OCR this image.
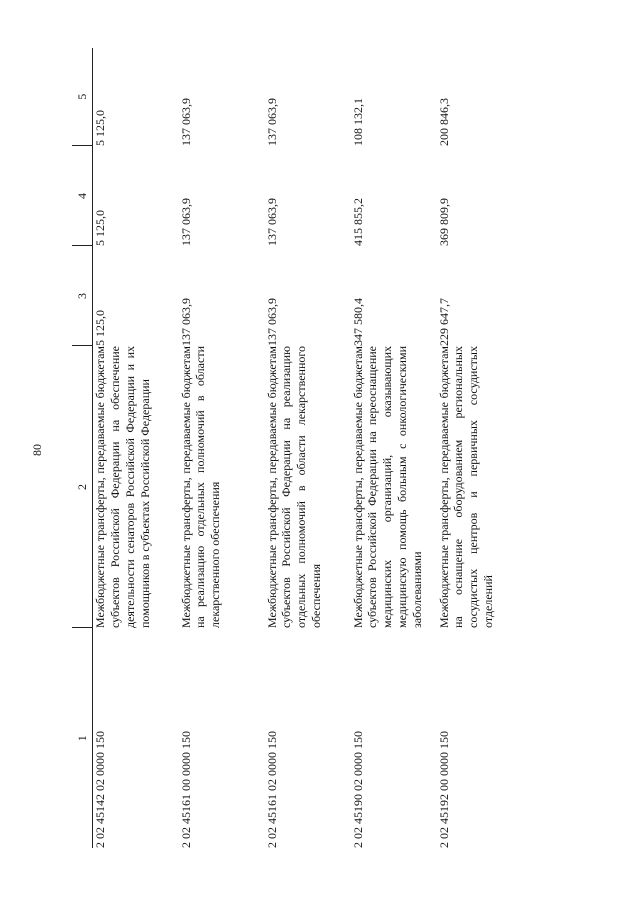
80
1	2	3	4	5
2 02 45142 02 0000 150	Межбюджетные трансферты, передаваемые бюджетам субъектов Российской Федерации на обеспечение деятельности сенаторов Российской Федерации и их помощников в субъектах Российской Федерации	5 125,0	5 125,0	5 125,0
2 02 45161 00 0000 150	Межбюджетные трансферты, передаваемые бюджетам на реализацию отдельных полномочий в области лекарственного обеспечения	137 063,9	137 063,9	137 063,9
2 02 45161 02 0000 150	Межбюджетные трансферты, передаваемые бюджетам субъектов Российской Федерации на реализацию отдельных полномочий в области лекарственного обеспечения	137 063,9	137 063,9	137 063,9
2 02 45190 02 0000 150	Межбюджетные трансферты, передаваемые бюджетам субъектов Российской Федерации на переоснащение медицинских организаций, оказывающих медицинскую помощь больным с онкологическими заболеваниями	347 580,4	415 855,2	108 132,1
2 02 45192 00 0000 150	Межбюджетные трансферты, передаваемые бюджетам на оснащение оборудованием региональных сосудистых центров и первичных сосудистых отделений	229 647,7	369 809,9	200 846,3
